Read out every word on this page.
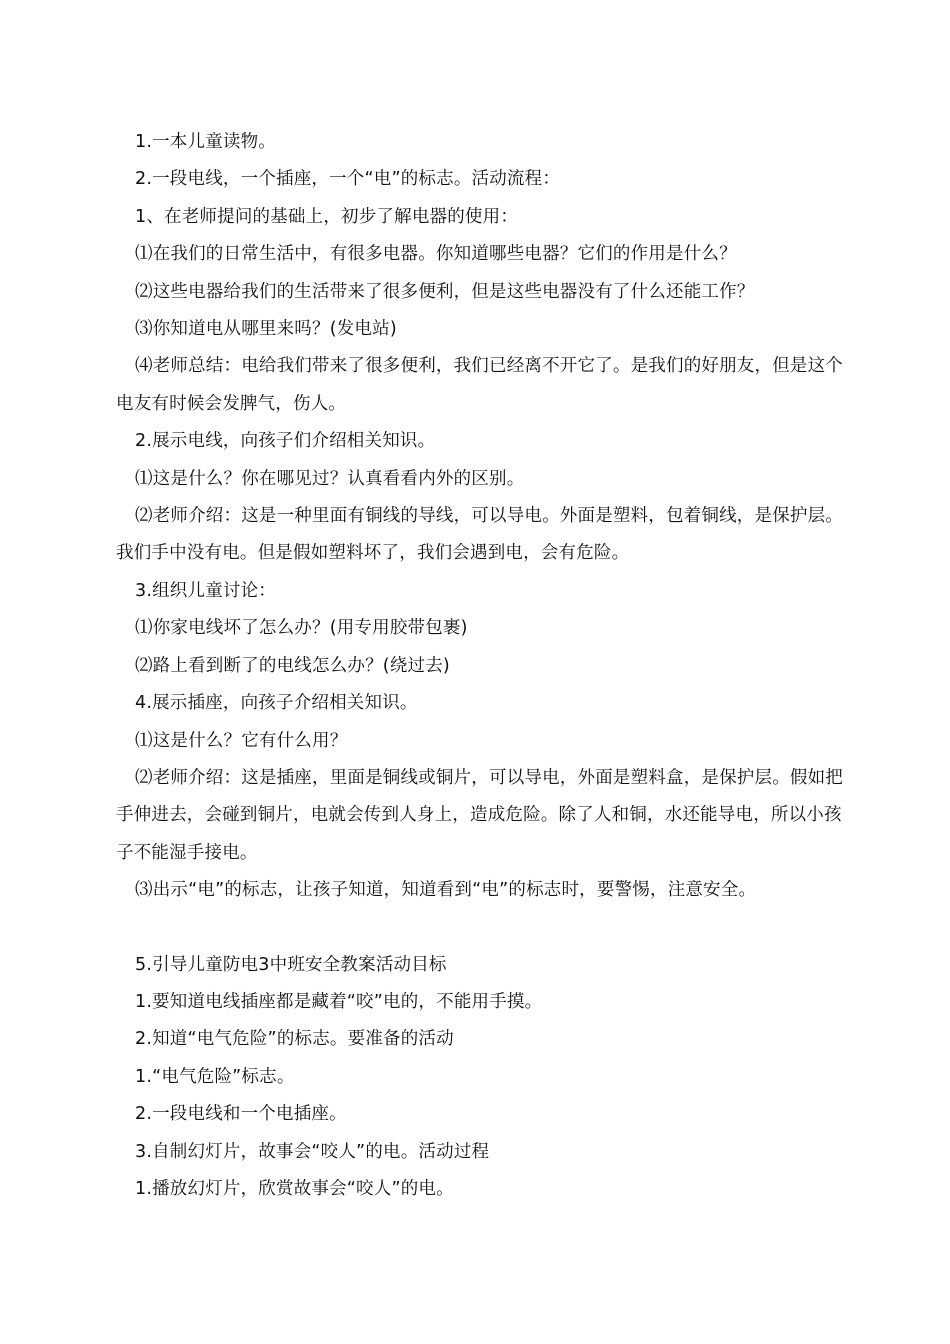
1.一本儿童读物。

2.一段电线，一个插座，一个“电”的标志。活动流程：

1、在老师提问的基础上，初步了解电器的使用：

⑴在我们的日常生活中，有很多电器。你知道哪些电器？它们的作用是什么？

⑵这些电器给我们的生活带来了很多便利，但是这些电器没有了什么还能工作？

⑶你知道电从哪里来吗？(发电站)

⑷老师总结：电给我们带来了很多便利，我们已经离不开它了。是我们的好朋友，但是这个电友有时候会发脾气，伤人。

2.展示电线，向孩子们介绍相关知识。

⑴这是什么？你在哪见过？认真看看内外的区别。

⑵老师介绍：这是一种里面有铜线的导线，可以导电。外面是塑料，包着铜线，是保护层。我们手中没有电。但是假如塑料坏了，我们会遇到电，会有危险。

3.组织儿童讨论：

⑴你家电线坏了怎么办？(用专用胶带包裹)

⑵路上看到断了的电线怎么办？(绕过去)

4.展示插座，向孩子介绍相关知识。

⑴这是什么？它有什么用？

⑵老师介绍：这是插座，里面是铜线或铜片，可以导电，外面是塑料盒，是保护层。假如把手伸进去，会碰到铜片，电就会传到人身上，造成危险。除了人和铜，水还能导电，所以小孩子不能湿手接电。

⑶出示“电”的标志，让孩子知道，知道看到“电”的标志时，要警惕，注意安全。

5.引导儿童防电3中班安全教案活动目标

1.要知道电线插座都是藏着“咬”电的，不能用手摸。

2.知道“电气危险”的标志。要准备的活动

1.“电气危险”标志。

2.一段电线和一个电插座。

3.自制幻灯片，故事会“咬人”的电。活动过程

1.播放幻灯片，欣赏故事会“咬人”的电。
